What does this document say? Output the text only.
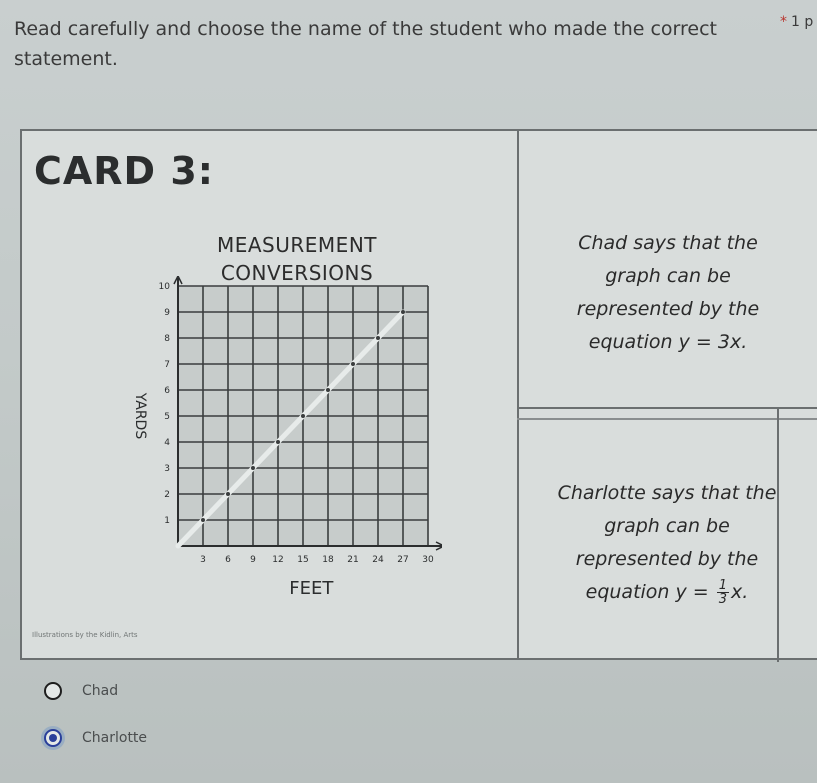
Read carefully and choose the name of the student who made the correct statement.
* 1 p
CARD 3:
MEASUREMENT
CONVERSIONS
3 6 9 12 15 18 21 24 27 30
1
2
3
4
5
6
7
8
9
10
FEET
YARDS
Illustrations by the Kidlin, Arts
Chad says that the
graph can be
represented by the
equation y = 3x.
Charlotte says that the
graph can be
represented by the
equation $y = \frac{1}{3} x$.
Chad
Charlotte
